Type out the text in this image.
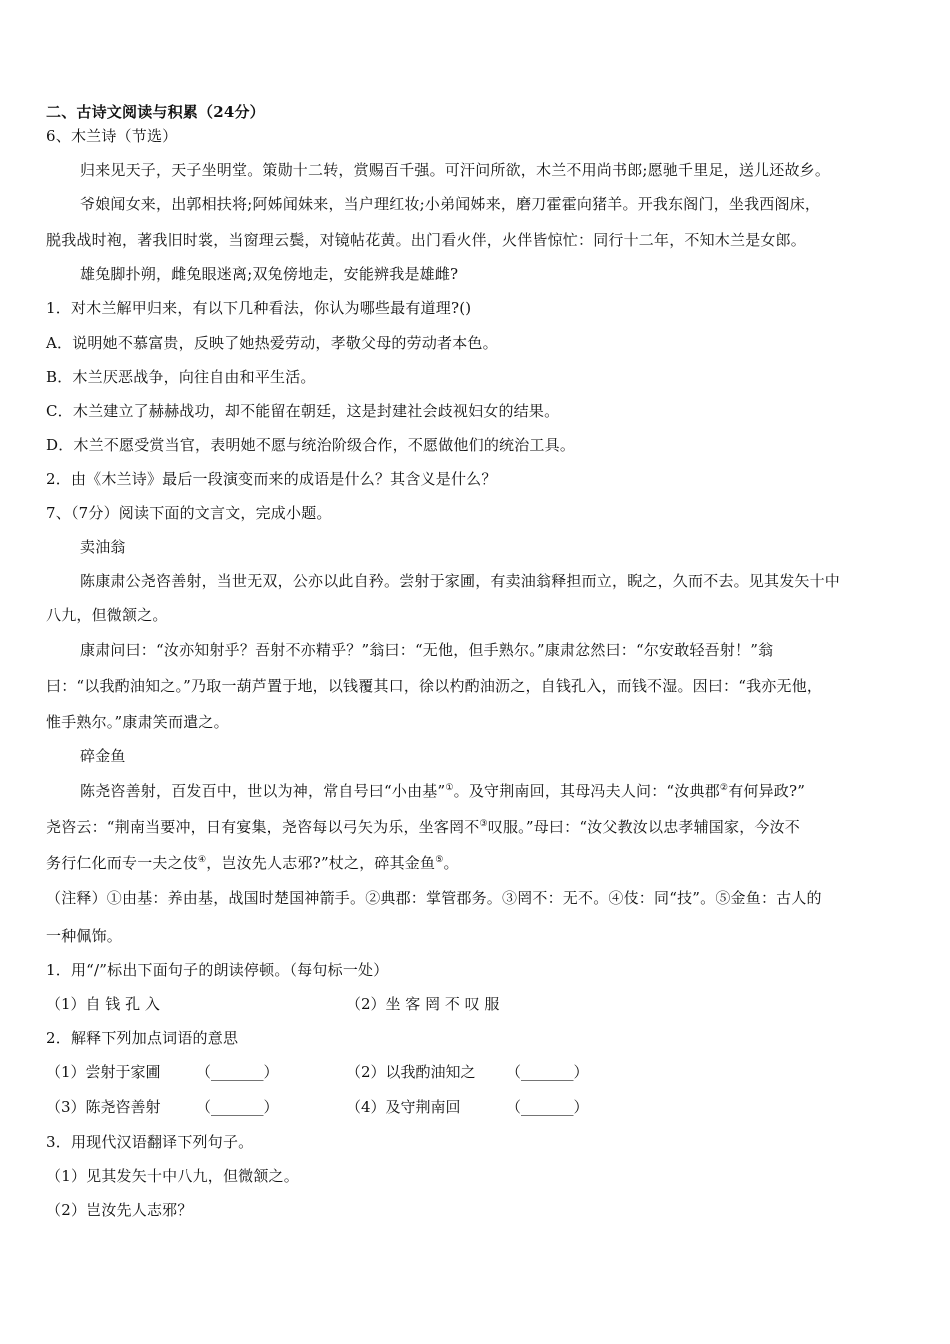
二、古诗文阅读与积累（24分）
6、木兰诗（节选）
归来见天子，天子坐明堂。策勋十二转，赏赐百千强。可汗问所欲，木兰不用尚书郎;愿驰千里足，送儿还故乡。
爷娘闻女来，出郭相扶将;阿姊闻妹来，当户理红妆;小弟闻姊来，磨刀霍霍向猪羊。开我东阁门，坐我西阁床，
脱我战时袍，著我旧时裳，当窗理云鬓，对镜帖花黄。出门看火伴，火伴皆惊忙：同行十二年，不知木兰是女郎。
雄兔脚扑朔，雌兔眼迷离;双兔傍地走，安能辨我是雄雌?
1．对木兰解甲归来，有以下几种看法，你认为哪些最有道理?()
A．说明她不慕富贵，反映了她热爱劳动，孝敬父母的劳动者本色。
B．木兰厌恶战争，向往自由和平生活。
C．木兰建立了赫赫战功，却不能留在朝廷，这是封建社会歧视妇女的结果。
D．木兰不愿受赏当官，表明她不愿与统治阶级合作，不愿做他们的统治工具。
2．由《木兰诗》最后一段演变而来的成语是什么？其含义是什么？
7、（7分）阅读下面的文言文，完成小题。
卖油翁
陈康肃公尧咨善射，当世无双，公亦以此自矜。尝射于家圃，有卖油翁释担而立，睨之，久而不去。见其发矢十中
八九，但微颔之。
康肃问曰：“汝亦知射乎？吾射不亦精乎？”翁曰：“无他，但手熟尔。”康肃忿然曰：“尔安敢轻吾射！”翁
曰：“以我酌油知之。”乃取一葫芦置于地，以钱覆其口，徐以杓酌油沥之，自钱孔入，而钱不湿。因曰：“我亦无他，
惟手熟尔。”康肃笑而遣之。
碎金鱼
陈尧咨善射，百发百中，世以为神，常自号曰“小由基”①。及守荆南回，其母冯夫人问：“汝典郡②有何异政?”
尧咨云：“荆南当要冲，日有宴集，尧咨每以弓矢为乐，坐客罔不③叹服。”母曰：“汝父教汝以忠孝辅国家，今汝不
务行仁化而专一夫之伎④，岂汝先人志邪?”杖之，碎其金鱼⑤。
（注释）①由基：养由基，战国时楚国神箭手。②典郡：掌管郡务。③罔不：无不。④伎：同“技”。⑤金鱼：古人的
一种佩饰。
1．用“/”标出下面句子的朗读停顿。（每句标一处）
（1）自 钱 孔 入	（2）坐 客 罔 不 叹 服
2．解释下列加点词语的意思
（1）尝射于家圃 （_______）	（2）以我酌油知之 （_______）
（3）陈尧咨善射 （_______）	（4）及守荆南回	（_______）
3．用现代汉语翻译下列句子。
（1）见其发矢十中八九，但微颔之。
（2）岂汝先人志邪？
